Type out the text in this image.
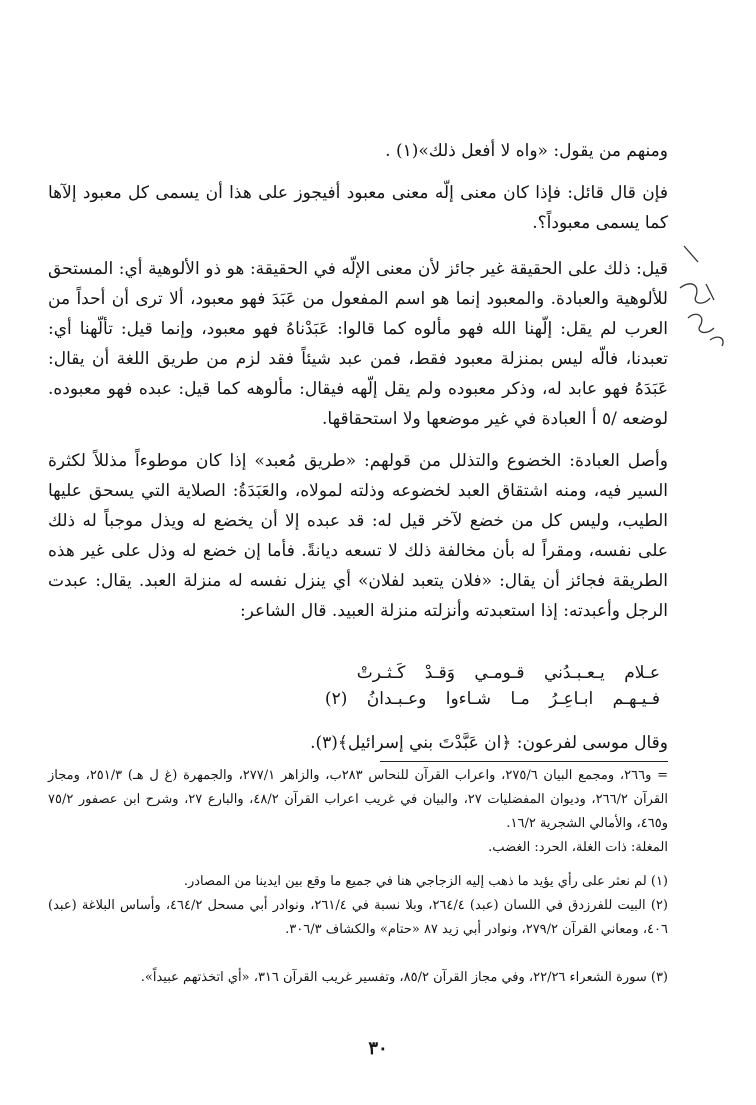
ومنهم من يقول: «واه لا أفعل ذلك»(١) .

فإن قال قائل: فإذا كان معنى إلّه معنى معبود أفيجوز على هذا أن يسمى كل معبود إلآها كما يسمى معبوداً؟.

قيل: ذلك على الحقيقة غير جائز لأن معنى الإلّه في الحقيقة: هو ذو الألوهية أي: المستحق للألوهية والعبادة. والمعبود إنما هو اسم المفعول من عَبَدَ فهو معبود، ألا ترى أن أحداً من العرب لم يقل: إلّهنا الله فهو مألوه كما قالوا: عَبَدْناهُ فهو معبود، وإنما قيل: تألّهنا أي: تعبدنا، فالّه ليس بمنزلة معبود فقط، فمن عبد شيئاً فقد لزم من طريق اللغة أن يقال: عَبَدَهُ فهو عابد له، وذكر معبوده ولم يقل إلّهه فيقال: مألوهه كما قيل: عبده فهو معبوده. لوضعه /٥ أ العبادة في غير موضعها ولا استحقاقها.

وأصل العبادة: الخضوع والتذلل من قولهم: «طريق مُعبد» إذا كان موطوءاً مذللاً لكثرة السير فيه، ومنه اشتقاق العبد لخضوعه وذلته لمولاه، والعَبَدَةُ: الصلاية التي يسحق عليها الطيب، وليس كل من خضع لآخر قيل له: قد عبده إلا أن يخضع له ويذل موجباً له ذلك على نفسه، ومقراً له بأن مخالفة ذلك لا تسعه ديانةً. فأما إن خضع له وذل على غير هذه الطريقة فجائز أن يقال: «فلان يتعبد لفلان» أي ينزل نفسه له منزلة العبد. يقال: عبدت الرجل وأعبدته: إذا استعبدته وأنزلته منزلة العبيد. قال الشاعر:

عـلام يـعـبـدُني قـومـي وَقـدْ كَـثـرتْ
فـيـهـم ابـاعِـرُ مـا شـاءوا وعـبـدانُ (٢)

وقال موسى لفرعون: ﴿ان عَبَّدْتَ بني إسرائيل﴾(٣).

= و٢٦٦، ومجمع البيان ٢٧٥/٦، واعراب القرآن للنحاس ٢٨٣ب، والزاهر ٢٧٧/١، والجمهرة (غ ل هـ) ٢٥١/٣، ومجاز القرآن ٢٦٦/٢، وديوان المفضليات ٢٧، والبيان في غريب اعراب القرآن ٤٨/٢، والبارع ٢٧، وشرح ابن عصفور ٧٥/٢ و٤٦٥، والأمالي الشجرية ١٦/٢.
المغلة: ذات الغلة، الحرد: الغضب.
(١) لم نعثر على رأي يؤيد ما ذهب إليه الزجاجي هنا في جميع ما وقع بين ايدينا من المصادر.
(٢) البيت للفرزدق في اللسان (عبد) ٢٦٤/٤، وبلا نسبة في ٢٦١/٤، ونوادر أبي مسحل ٤٦٤/٢، وأساس البلاغة (عبد) ٤٠٦، ومعاني القرآن ٢٧٩/٢، ونوادر أبي زيد ٨٧ «حتام» والكشاف ٣٠٦/٣.
(٣) سورة الشعراء ٢٢/٢٦، وفي مجاز القرآن ٨٥/٢، وتفسير غريب القرآن ٣١٦، «أي اتخذتهم عبيداً».
٣٠
